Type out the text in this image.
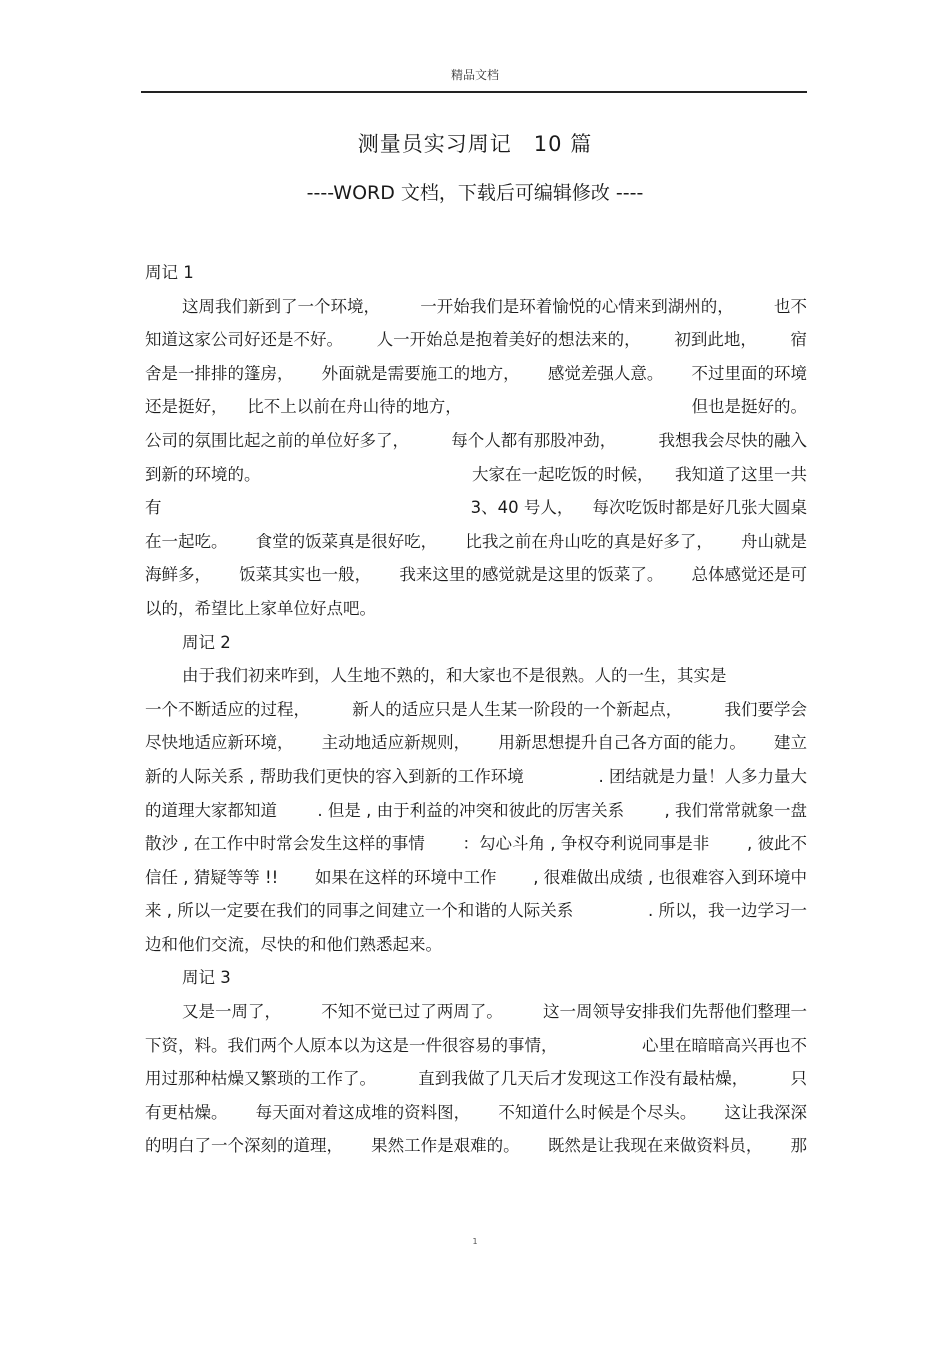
精品文档
测量员实习周记　10 篇
----WORD 文档，下载后可编辑修改 ----
周记 1
这周我们新到了一个环境， 一开始我们是环着愉悦的心情来到湖州的， 也不
知道这家公司好还是不好。 人一开始总是抱着美好的想法来的， 初到此地， 宿
舍是一排排的篷房， 外面就是需要施工的地方， 感觉差强人意。 不过里面的环境
还是挺好， 比不上以前在舟山待的地方，	但也是挺好的。
公司的氛围比起之前的单位好多了，	每个人都有那股冲劲，	我想我会尽快的融入
到新的环境的。	大家在一起吃饭的时候， 我知道了这里一共
有	3、40 号人， 每次吃饭时都是好几张大圆桌
在一起吃。 食堂的饭菜真是很好吃， 比我之前在舟山吃的真是好多了， 舟山就是
海鲜多， 饭菜其实也一般， 我来这里的感觉就是这里的饭菜了。 总体感觉还是可
以的，希望比上家单位好点吧。
周记 2
由于我们初来咋到，人生地不熟的，和大家也不是很熟。人的一生，其实是
一个不断适应的过程，	新人的适应只是人生某一阶段的一个新起点，	我们要学会
尽快地适应新环境， 主动地适应新规则， 用新思想提升自己各方面的能力。 建立
新的人际关系 , 帮助我们更快的容入到新的工作环境	. 团结就是力量！人多力量大
的道理大家都知道 . 但是 , 由于利益的冲突和彼此的厉害关系 , 我们常常就象一盘
散沙 , 在工作中时常会发生这样的事情 ：勾心斗角 , 争权夺利说同事是非 , 彼此不
信任 , 猜疑等等 !! 如果在这样的环境中工作 , 很难做出成绩 , 也很难容入到环境中
来 , 所以一定要在我们的同事之间建立一个和谐的人际关系	. 所以，我一边学习一
边和他们交流，尽快的和他们熟悉起来。
周记 3
又是一周了， 不知不觉已过了两周了。 这一周领导安排我们先帮他们整理一
下资，料。我们两个人原本以为这是一件很容易的事情，	心里在暗暗高兴再也不
用过那种枯燥又繁琐的工作了。	直到我做了几天后才发现这工作没有最枯燥，	只
有更枯燥。 每天面对着这成堆的资料图， 不知道什么时候是个尽头。 这让我深深
的明白了一个深刻的道理， 果然工作是艰难的。 既然是让我现在来做资料员， 那
1
